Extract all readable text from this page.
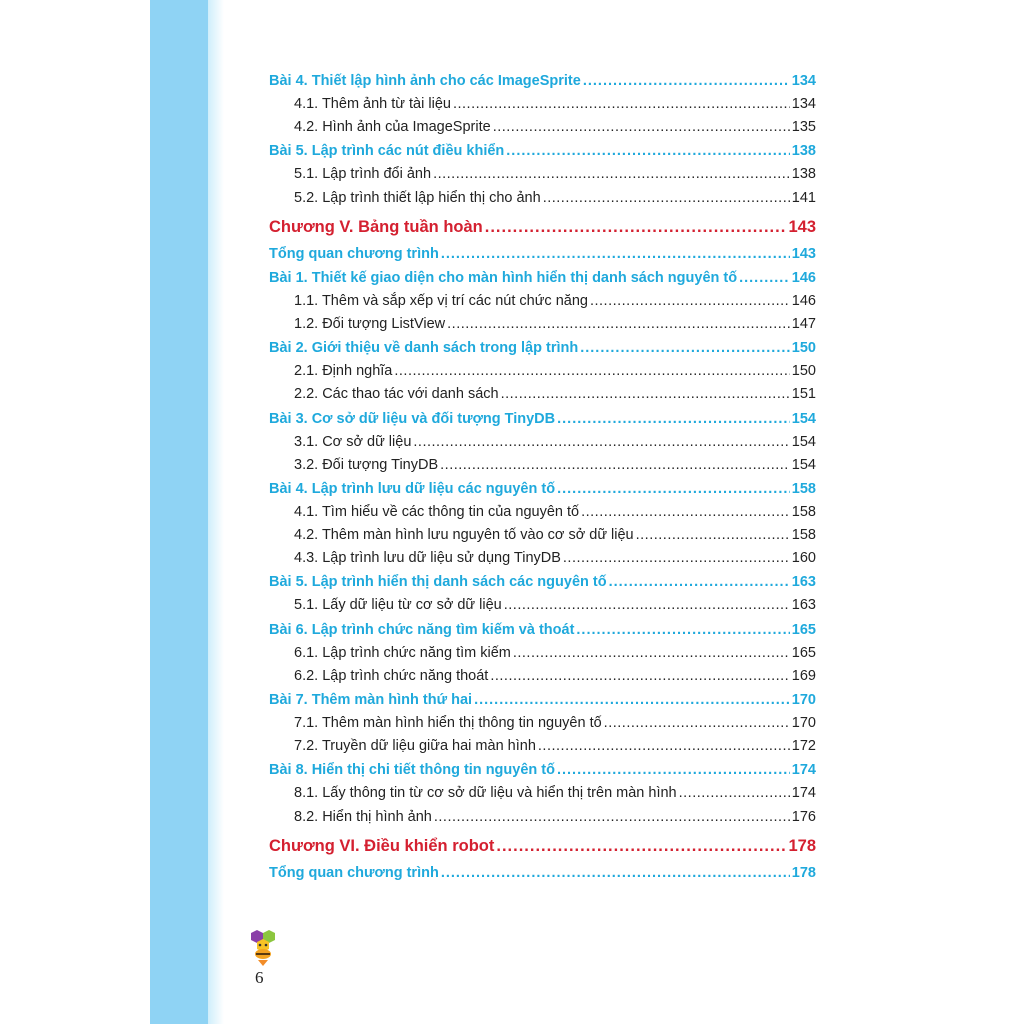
Bài 4. Thiết lập hình ảnh cho các ImageSprite .....	134
4.1. Thêm ảnh từ tài liệu .....	134
4.2. Hình ảnh của ImageSprite .....	135
Bài 5. Lập trình các nút điều khiển .....	138
5.1. Lập trình đổi ảnh .....	138
5.2. Lập trình thiết lập hiển thị cho ảnh .....	141
Chương V. Bảng tuần hoàn .....	143
Tổng quan chương trình .....	143
Bài 1. Thiết kế giao diện cho màn hình hiển thị danh sách nguyên tố .....	146
1.1. Thêm và sắp xếp vị trí các nút chức năng .....	146
1.2. Đối tượng ListView .....	147
Bài 2. Giới thiệu về danh sách trong lập trình .....	150
2.1. Định nghĩa .....	150
2.2. Các thao tác với danh sách .....	151
Bài 3. Cơ sở dữ liệu và đối tượng TinyDB .....	154
3.1. Cơ sở dữ liệu .....	154
3.2. Đối tượng TinyDB .....	154
Bài 4. Lập trình lưu dữ liệu các nguyên tố .....	158
4.1. Tìm hiểu về các thông tin của nguyên tố .....	158
4.2. Thêm màn hình lưu nguyên tố vào cơ sở dữ liệu .....	158
4.3. Lập trình lưu dữ liệu sử dụng TinyDB .....	160
Bài 5. Lập trình hiển thị danh sách các nguyên tố .....	163
5.1. Lấy dữ liệu từ cơ sở dữ liệu .....	163
Bài 6. Lập trình chức năng tìm kiếm và thoát .....	165
6.1. Lập trình chức năng tìm kiếm .....	165
6.2. Lập trình chức năng thoát .....	169
Bài 7. Thêm màn hình thứ hai .....	170
7.1. Thêm màn hình hiển thị thông tin nguyên tố .....	170
7.2. Truyền dữ liệu giữa hai màn hình .....	172
Bài 8. Hiển thị chi tiết thông tin nguyên tố .....	174
8.1. Lấy thông tin từ cơ sở dữ liệu và hiển thị trên màn hình .....	174
8.2. Hiển thị hình ảnh .....	176
Chương VI. Điều khiển robot .....	178
Tổng quan chương trình .....	178
6
